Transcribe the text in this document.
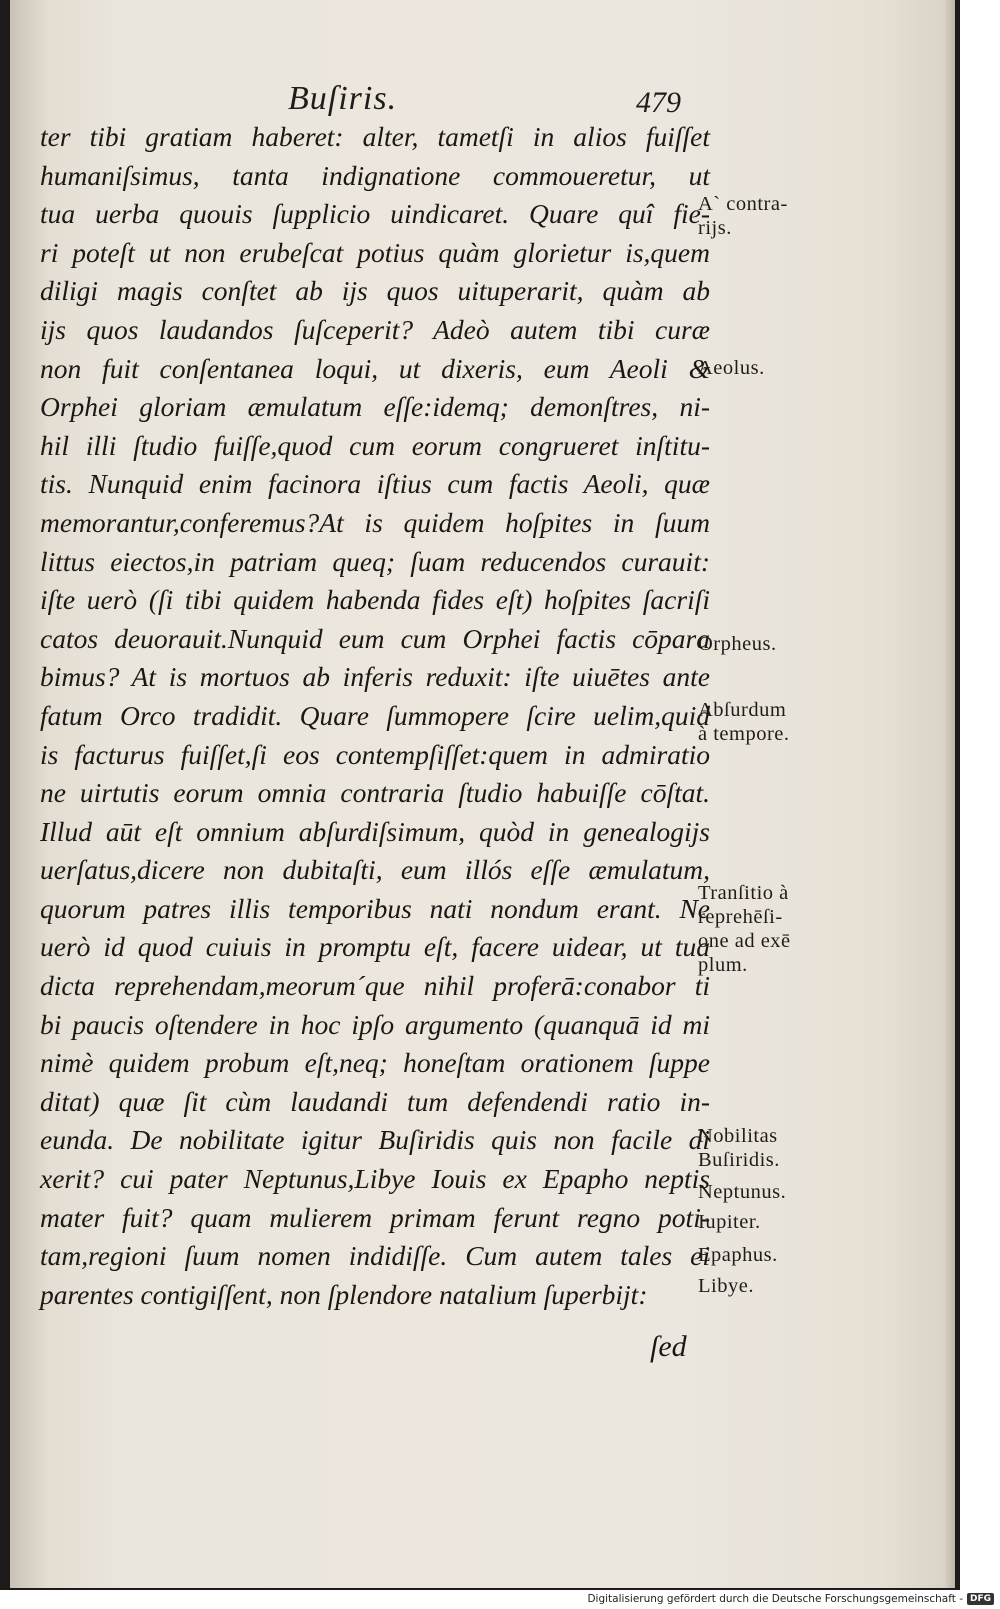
Buſiris.	479
ter tibi gratiam haberet: alter, tametſi in alios fuiſſet
humaniſsimus, tanta indignatione commoueretur, ut
tua uerba quouis ſupplicio uindicaret. Quare quî fie-
ri poteſt ut non erubeſcat potius quàm glorietur is,quem
diligi magis conſtet ab ijs quos uituperarit, quàm ab
ijs quos laudandos ſuſceperit? Adeò autem tibi curæ
non fuit conſentanea loqui, ut dixeris, eum Aeoli &
Orphei gloriam æmulatum eſſe:idemq; demonſtres, ni-
hil illi ſtudio fuiſſe,quod cum eorum congrueret inſtitu-
tis. Nunquid enim facinora iſtius cum factis Aeoli, quæ
memorantur,conferemus?At is quidem hoſpites in ſuum
littus eiectos,in patriam queq; ſuam reducendos curauit:
iſte uerò (ſi tibi quidem habenda fides eſt) hoſpites ſacriſi
catos deuorauit.Nunquid eum cum Orphei factis cōpara
bimus? At is mortuos ab inferis reduxit: iſte uiuētes ante
fatum Orco tradidit. Quare ſummopere ſcire uelim,quid
is facturus fuiſſet,ſi eos contempſiſſet:quem in admiratio
ne uirtutis eorum omnia contraria ſtudio habuiſſe cōſtat.
Illud aūt eſt omnium abſurdiſsimum, quòd in genealogijs
uerſatus,dicere non dubitaſti, eum illós eſſe æmulatum,
quorum patres illis temporibus nati nondum erant. Ne
uerò id quod cuiuis in promptu eſt, facere uidear, ut tua
dicta reprehendam,meorum´que nihil proferā:conabor ti
bi paucis oſtendere in hoc ipſo argumento (quanquā id mi
nimè quidem probum eſt,neq; honeſtam orationem ſuppe
ditat) quæ ſit cùm laudandi tum defendendi ratio in-
eunda. De nobilitate igitur Buſiridis quis non facile di
xerit? cui pater Neptunus,Libye Iouis ex Epapho neptis
mater fuit? quam mulierem primam ferunt regno poti-
tam,regioni ſuum nomen indidiſſe. Cum autem tales ei
parentes contigiſſent, non ſplendore natalium ſuperbijt:
ſed
A` contra-
rijs.
Aeolus.
Orpheus.
Abſurdum
à tempore.
Tranſitio à
reprehēſi-
one ad exē
plum.
Nobilitas
Buſiridis.
Neptunus.
Iupiter.
Epaphus.
Libye.
Digitalisierung gefördert durch die Deutsche Forschungsgemeinschaft - DFG
